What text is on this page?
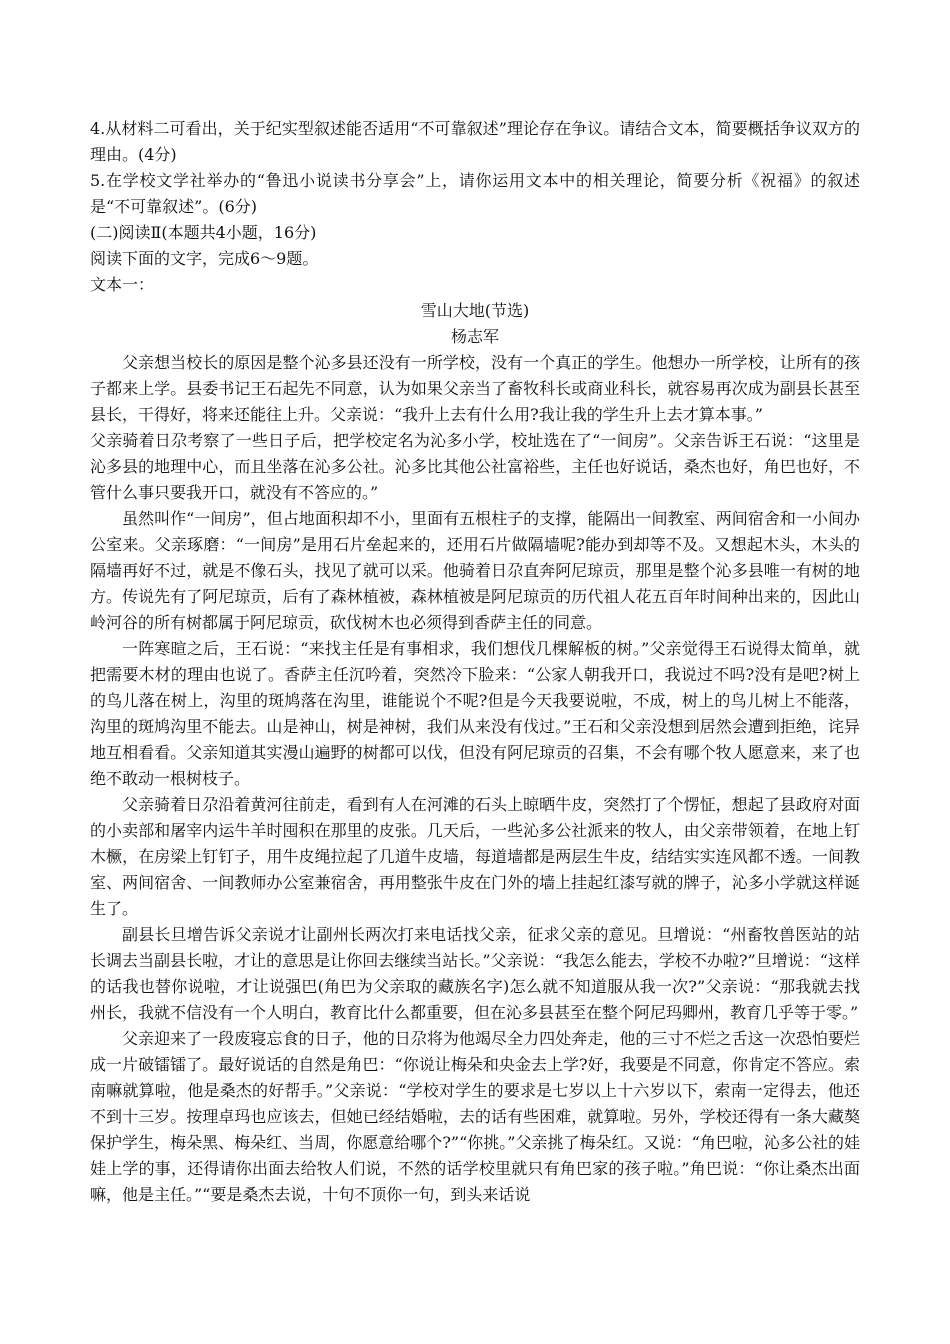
4.从材料二可看出，关于纪实型叙述能否适用“不可靠叙述”理论存在争议。请结合文本，简要概括争议双方的理由。(4分)

5.在学校文学社举办的“鲁迅小说读书分享会”上，请你运用文本中的相关理论，简要分析《祝福》的叙述是“不可靠叙述”。(6分)

(二)阅读Ⅱ(本题共4小题，16分)

阅读下面的文字，完成6～9题。

文本一：

雪山大地(节选)

杨志军

父亲想当校长的原因是整个沁多县还没有一所学校，没有一个真正的学生。他想办一所学校，让所有的孩子都来上学。县委书记王石起先不同意，认为如果父亲当了畜牧科长或商业科长，就容易再次成为副县长甚至县长，干得好，将来还能往上升。父亲说：“我升上去有什么用?我让我的学生升上去才算本事。”

父亲骑着日尕考察了一些日子后，把学校定名为沁多小学，校址选在了“一间房”。父亲告诉王石说：“这里是沁多县的地理中心，而且坐落在沁多公社。沁多比其他公社富裕些，主任也好说话，桑杰也好，角巴也好，不管什么事只要我开口，就没有不答应的。”

虽然叫作“一间房”，但占地面积却不小，里面有五根柱子的支撑，能隔出一间教室、两间宿舍和一小间办公室来。父亲琢磨：“一间房”是用石片垒起来的，还用石片做隔墙呢?能办到却等不及。又想起木头，木头的隔墙再好不过，就是不像石头，找见了就可以采。他骑着日尕直奔阿尼琼贡，那里是整个沁多县唯一有树的地方。传说先有了阿尼琼贡，后有了森林植被，森林植被是阿尼琼贡的历代祖人花五百年时间种出来的，因此山岭河谷的所有树都属于阿尼琼贡，砍伐树木也必须得到香萨主任的同意。

一阵寒暄之后，王石说：“来找主任是有事相求，我们想伐几棵解板的树。”父亲觉得王石说得太简单，就把需要木材的理由也说了。香萨主任沉吟着，突然冷下脸来：“公家人朝我开口，我说过不吗?没有是吧?树上的鸟儿落在树上，沟里的斑鸠落在沟里，谁能说个不呢?但是今天我要说啦，不成，树上的鸟儿树上不能落，沟里的斑鸠沟里不能去。山是神山，树是神树，我们从来没有伐过。”王石和父亲没想到居然会遭到拒绝，诧异地互相看看。父亲知道其实漫山遍野的树都可以伐，但没有阿尼琼贡的召集，不会有哪个牧人愿意来，来了也绝不敢动一根树枝子。

父亲骑着日尕沿着黄河往前走，看到有人在河滩的石头上晾晒牛皮，突然打了个愣怔，想起了县政府对面的小卖部和屠宰内运牛羊时囤积在那里的皮张。几天后，一些沁多公社派来的牧人，由父亲带领着，在地上钉木橛，在房梁上钉钉子，用牛皮绳拉起了几道牛皮墙，每道墙都是两层生牛皮，结结实实连风都不透。一间教室、两间宿舍、一间教师办公室兼宿舍，再用整张牛皮在门外的墙上挂起红漆写就的牌子，沁多小学就这样诞生了。

副县长旦增告诉父亲说才让副州长两次打来电话找父亲，征求父亲的意见。旦增说：“州畜牧兽医站的站长调去当副县长啦，才让的意思是让你回去继续当站长。”父亲说：“我怎么能去，学校不办啦?”旦增说：“这样的话我也替你说啦，才让说强巴(角巴为父亲取的藏族名字)怎么就不知道服从我一次?”父亲说：“那我就去找州长，我就不信没有一个人明白，教育比什么都重要，但在沁多县甚至在整个阿尼玛卿州，教育几乎等于零。”

父亲迎来了一段废寝忘食的日子，他的日尕将为他竭尽全力四处奔走，他的三寸不烂之舌这一次恐怕要烂成一片破镭镭了。最好说话的自然是角巴：“你说让梅朵和央金去上学?好，我要是不同意，你肯定不答应。索南嘛就算啦，他是桑杰的好帮手。”父亲说：“学校对学生的要求是七岁以上十六岁以下，索南一定得去，他还不到十三岁。按理卓玛也应该去，但她已经结婚啦，去的话有些困难，就算啦。另外，学校还得有一条大藏獒保护学生，梅朵黑、梅朵红、当周，你愿意给哪个?”“你挑。”父亲挑了梅朵红。又说：“角巴啦，沁多公社的娃娃上学的事，还得请你出面去给牧人们说，不然的话学校里就只有角巴家的孩子啦。”角巴说：“你让桑杰出面嘛，他是主任。”“要是桑杰去说，十句不顶你一句，到头来话说
